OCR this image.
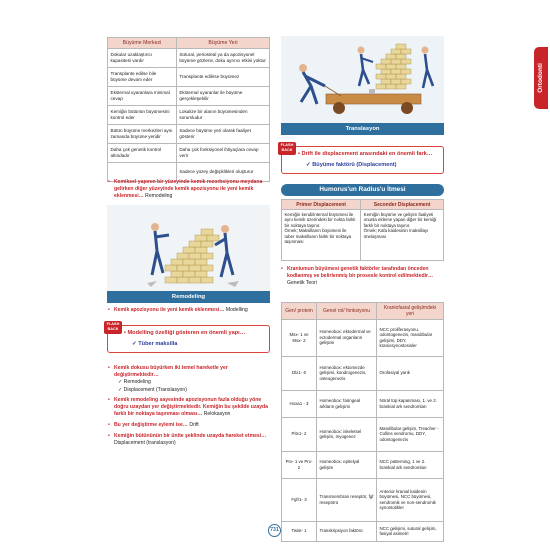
Ortodonti
Büyüme Merkezi	Büyüme Yeri
Dokular uzaklaştırıcı kapasitesi vardır	Sütural, periosteal ya da apozisyonel büyüme gözlenir, doku ayrıncı etkisi yoktur
Transplante edilse bile büyüme devam eder	Transplante edilirse büyümez
Eksternal uyaranlara minimal cevap	Eksternal uyaranlar ile büyüme gerçekleşebilir
Kemiğin bütünün büyümesini kontrol eder	Lokalize bir alanın büyümesinden sorumludur
Bütün büyüme merkezleri aynı zamanda büyüme yeridir	Sadece büyüme yeri olarak faaliyet gösterir
Daha çok genetik kontrol altındadır	Daha çok fonksiyonel ihtiyaçlara cevap verir
	Sadece yüzey değişiklikleri oluşturur
Translasyon
FLASH BACK
• Drift ile displacement arasındaki en önemli fark…
✓ Büyüme faktörü (Displacement)
• Kemiksel yapının bir yüzeyinde kemik rezorbsiyonu meydana gelirken diğer yüzeyinde kemik apozisyonu ile yeni kemik eklenmesi… Remodeling
Remodeling
• Kemik apozisyonu ile yeni kemik eklenmesi… Modelling
FLASH BACK
• Modelling özelliği gösteren en önemli yapı…
✓ Tüber maksilla
• Kemik dokusu büyürken iki temel hareketle yer değiştirmektedir…
✓ Remodeling
✓ Displacement (Translasyon)
• Kemik remodeling sayesinde apozisyonun fazla olduğu yöne doğru uzaydan yer değiştirmektedir. Kemiğin bu şekilde uzayda farklı bir noktaya taşınması olması… Relokasyon
• Bu yer değiştirme eylemi ise… Drift
• Kemiğin bütününün bir ünite şeklinde uzayda hareket etmesi…
Displacement (translasyon)
Humorus'un Radius'u İtmesi
Primer Displacement	Seconder Displacement
Kemiğin kendi/internal büyümesi ile aynı kemik üzerindeki bir nokta farklı bir noktaya taşınır.
Örnek; Maksillanın büyümesi ile tuber maksillanın farklı bir noktaya taşınması	Kemiğin büyüme ve gelişim faaliyeti onunla ekleme yapan diğer bir kemiği farklı bir noktaya taşınır.
Örnek; Kafa kaidesinin maksillayı önelaşması
• Kraniumun büyümesi genetik faktörler tarafından önceden kodlanmış ve belirlenmiş bir prosesle kontrol edilmektedir…
Genetik Teori
Gen/ protein	Genel rol/ fonksiyonu	Kraniofasial gelişimdeki yeri
Msx- 1 ve Msx- 2	Homeobox: ektodermal ve ectodermal organların gelişimi	NCC proliferasyonu, odontogenezis, mandibular gelişimi, DDY, kraniosynostosisler
Dlx1- 6	Homeobox: ektomezde gelişimi, kondrogenezis, osteogenezis	Orofasiyal yarık
Hoxa1 - 3	Homeobox: faringeal arkların gelişimi	Nöral tüp kapanması, 1. ve 2. brankial ark sendromları
Pitx1- 2	Homeobox: iskeletsel gelişim, myogenez	Mandibular gelişim, Treacher -Collins sendromu, DDY, odontogenezis
Prx- 1 ve Prx- 2	Homeobox: epitelyal gelişim	NCC patterning, 1 ve 2. brankial ark sendromları
Fgfr1- 3	Transmembran reseptör, fgf reseptörü	Anterior kranial kaidenin büyümesi, NCC büyümesi, sendromik ve non-sendromik synostotikler
Twist- 1	Transkripsiyon faktörü	NCC gelişimi, sutural gelişim, fasiyal asimetri
731
